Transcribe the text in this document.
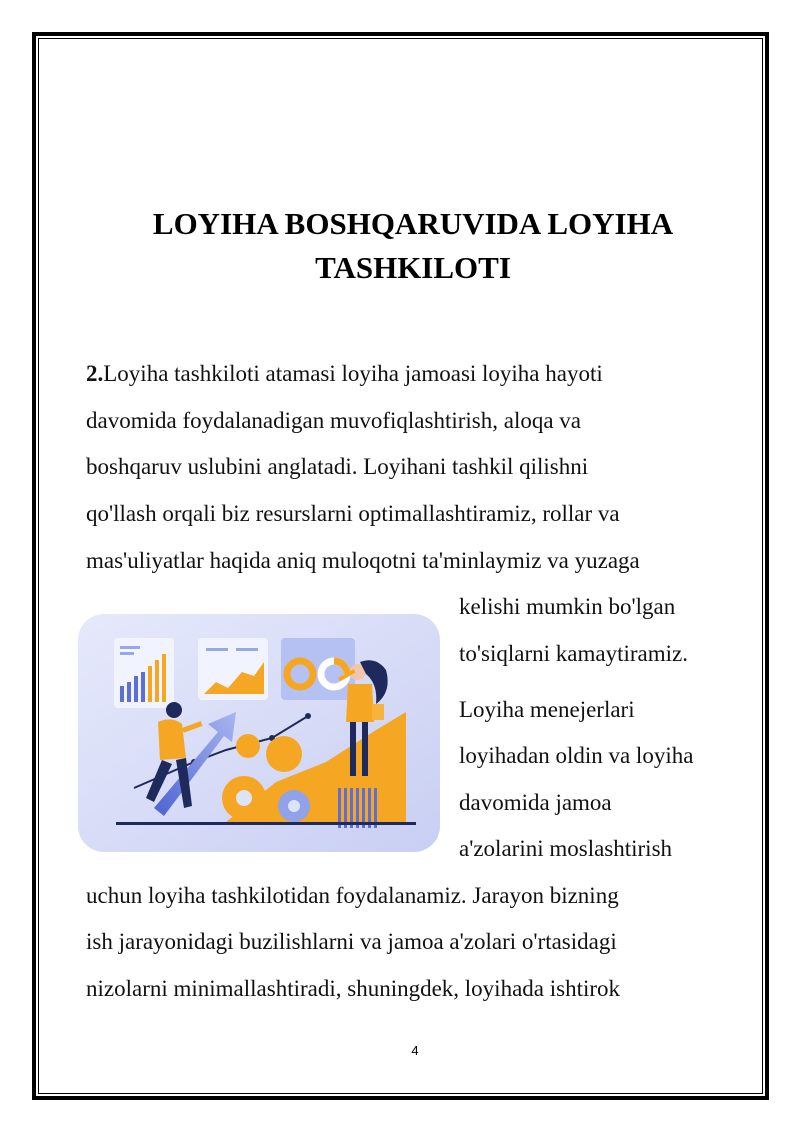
LOYIHA BOSHQARUVIDA LOYIHA
TASHKILOTI

2.Loyiha tashkiloti atamasi loyiha jamoasi loyiha hayoti

davomida foydalanadigan muvofiqlashtirish, aloqa va

boshqaruv uslubini anglatadi. Loyihani tashkil qilishni

qo'llash orqali biz resurslarni optimallashtiramiz, rollar va

mas'uliyatlar haqida aniq muloqotni ta'minlaymiz va yuzaga

kelishi mumkin bo'lgan

to'siqlarni kamaytiramiz.

Loyiha menejerlari

loyihadan oldin va loyiha

davomida jamoa

a'zolarini moslashtirish

uchun loyiha tashkilotidan foydalanamiz. Jarayon bizning

ish jarayonidagi buzilishlarni va jamoa a'zolari o'rtasidagi

nizolarni minimallashtiradi, shuningdek, loyihada ishtirok

4
